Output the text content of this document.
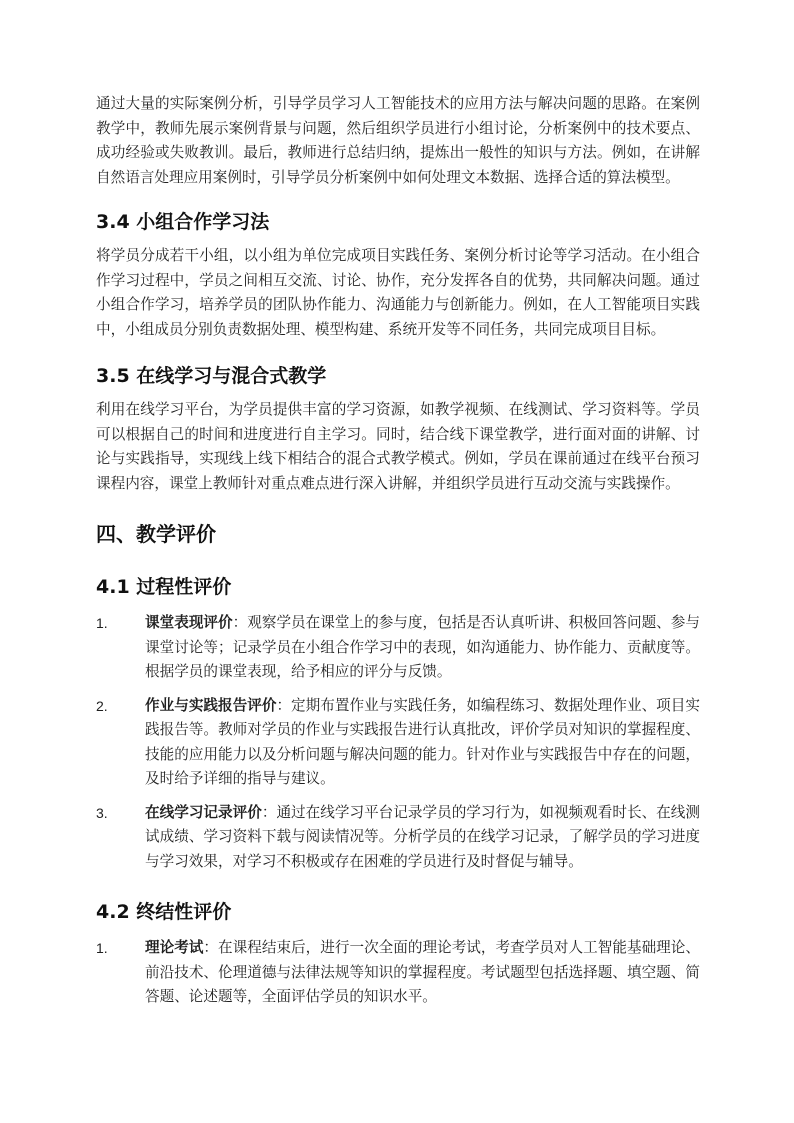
通过大量的实际案例分析，引导学员学习人工智能技术的应用方法与解决问题的思路。在案例教学中，教师先展示案例背景与问题，然后组织学员进行小组讨论，分析案例中的技术要点、成功经验或失败教训。最后，教师进行总结归纳，提炼出一般性的知识与方法。例如，在讲解自然语言处理应用案例时，引导学员分析案例中如何处理文本数据、选择合适的算法模型。

3.4 小组合作学习法

将学员分成若干小组，以小组为单位完成项目实践任务、案例分析讨论等学习活动。在小组合作学习过程中，学员之间相互交流、讨论、协作，充分发挥各自的优势，共同解决问题。通过小组合作学习，培养学员的团队协作能力、沟通能力与创新能力。例如，在人工智能项目实践中，小组成员分别负责数据处理、模型构建、系统开发等不同任务，共同完成项目目标。

3.5 在线学习与混合式教学

利用在线学习平台，为学员提供丰富的学习资源，如教学视频、在线测试、学习资料等。学员可以根据自己的时间和进度进行自主学习。同时，结合线下课堂教学，进行面对面的讲解、讨论与实践指导，实现线上线下相结合的混合式教学模式。例如，学员在课前通过在线平台预习课程内容，课堂上教师针对重点难点进行深入讲解，并组织学员进行互动交流与实践操作。

四、教学评价
4.1 过程性评价
1.	课堂表现评价：观察学员在课堂上的参与度，包括是否认真听讲、积极回答问题、参与课堂讨论等；记录学员在小组合作学习中的表现，如沟通能力、协作能力、贡献度等。根据学员的课堂表现，给予相应的评分与反馈。
2.	作业与实践报告评价：定期布置作业与实践任务，如编程练习、数据处理作业、项目实践报告等。教师对学员的作业与实践报告进行认真批改，评价学员对知识的掌握程度、技能的应用能力以及分析问题与解决问题的能力。针对作业与实践报告中存在的问题，及时给予详细的指导与建议。
3.	在线学习记录评价：通过在线学习平台记录学员的学习行为，如视频观看时长、在线测试成绩、学习资料下载与阅读情况等。分析学员的在线学习记录，了解学员的学习进度与学习效果，对学习不积极或存在困难的学员进行及时督促与辅导。
4.2 终结性评价
1.	理论考试：在课程结束后，进行一次全面的理论考试，考查学员对人工智能基础理论、前沿技术、伦理道德与法律法规等知识的掌握程度。考试题型包括选择题、填空题、简答题、论述题等，全面评估学员的知识水平。
